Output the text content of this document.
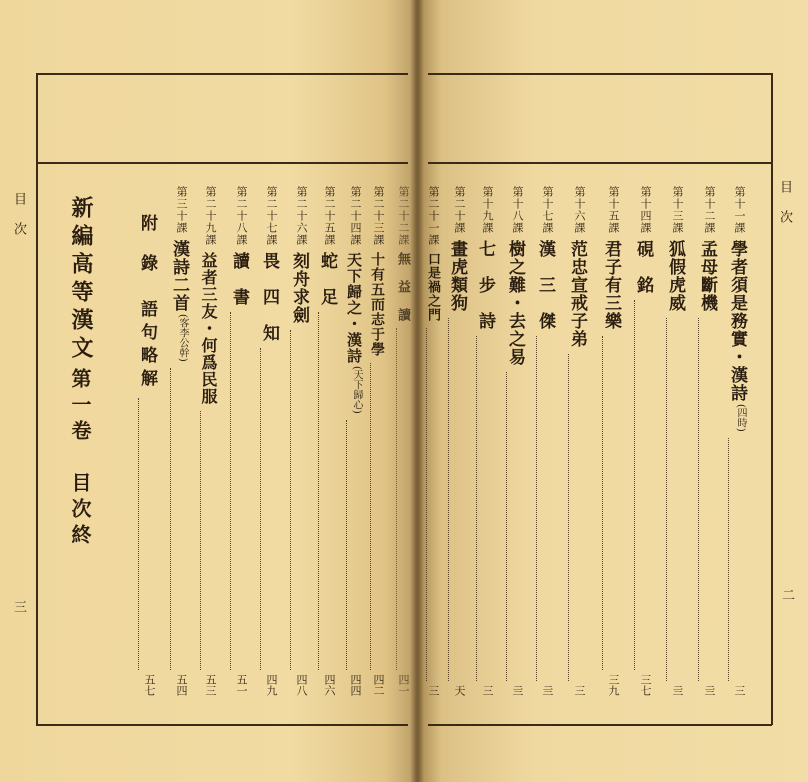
目　次
三
目　次
二
新編高等漢文
第一卷　目次終
第十一課
學者須是務實・漢詩
(四時)
三
第十二課
孟母斷機
亖
第十三課
狐假虎威
亖
第十四課
硯　銘
三七
第十五課
君子有三樂
三九
第十六課
范忠宣戒子弟
三
第十七課
漢　三　傑
亖
第十八課
樹之難・去之易
亖
第十九課
七　步　詩
三
第二十課
畫虎類狗
天
第二十一課
口是禍之門
三
第二十二課
無　益　讀
四一
第二十三課
十有五而志于學
四二
第二十四課
天下歸之・漢詩
(天下歸心)
四四
第二十五課
蛇　足
四六
第二十六課
刻舟求劍
四八
第二十七課
畏　四　知
四九
第二十八課
讀　書
五一
第二十九課
益者三友・何爲民服
五三
第三十課
漢詩二首
(客李公幹)
五四
附
錄　語句略解
五七
